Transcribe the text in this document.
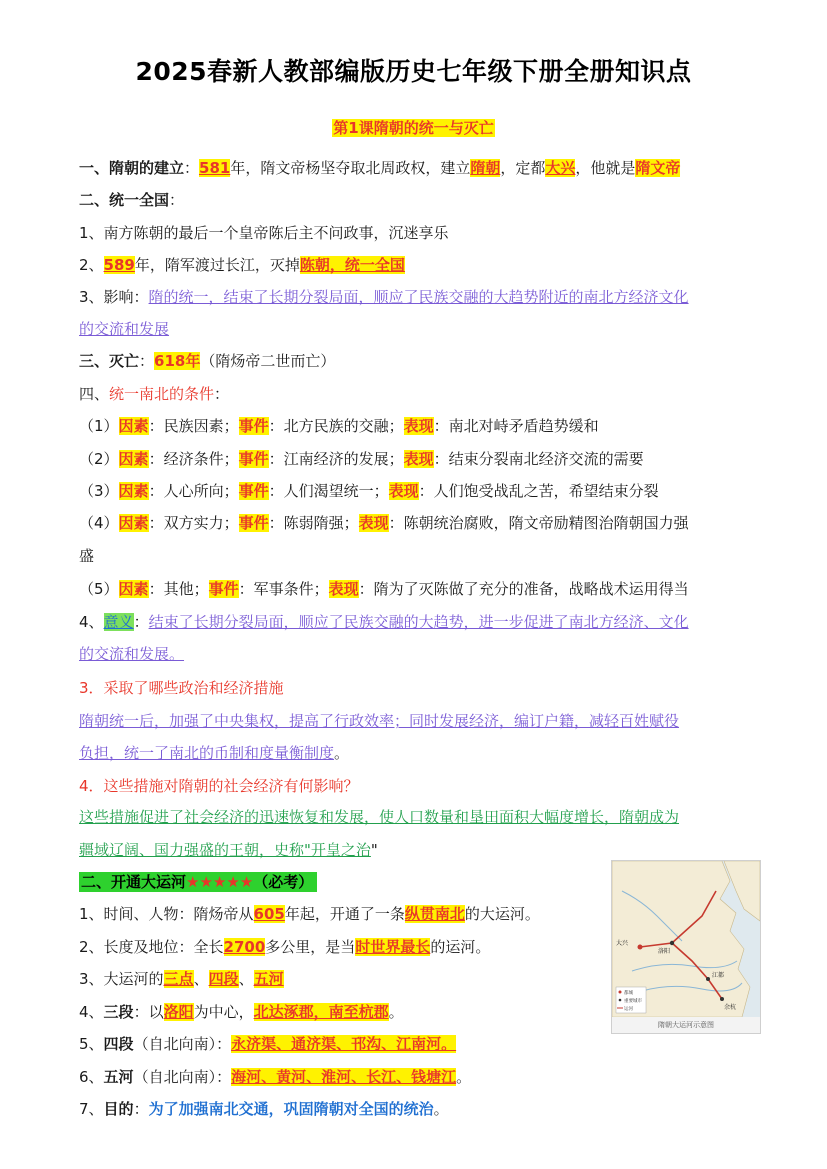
2025春新人教部编版历史七年级下册全册知识点
第1课隋朝的统一与灭亡
一、隋朝的建立：581年，隋文帝杨坚夺取北周政权，建立隋朝，定都大兴，他就是隋文帝
二、统一全国：
1、南方陈朝的最后一个皇帝陈后主不问政事，沉迷享乐
2、589年，隋军渡过长江，灭掉陈朝，统一全国
3、影响：隋的统一，结束了长期分裂局面，顺应了民族交融的大趋势附近的南北方经济文化
的交流和发展
三、灭亡：618年（隋炀帝二世而亡）
四、统一南北的条件：
（1）因素：民族因素；事件：北方民族的交融；表现：南北对峙矛盾趋势缓和
（2）因素：经济条件；事件：江南经济的发展；表现：结束分裂南北经济交流的需要
（3）因素：人心所向；事件：人们渴望统一；表现：人们饱受战乱之苦，希望结束分裂
（4）因素：双方实力；事件：陈弱隋强；表现：陈朝统治腐败，隋文帝励精图治隋朝国力强
盛
（5）因素：其他；事件：军事条件；表现：隋为了灭陈做了充分的准备，战略战术运用得当
4、意义：结束了长期分裂局面，顺应了民族交融的大趋势，进一步促进了南北方经济、文化
的交流和发展。
3．采取了哪些政治和经济措施
隋朝统一后，加强了中央集权，提高了行政效率；同时发展经济，编订户籍，减轻百姓赋役
负担，统一了南北的币制和度量衡制度。
4．这些措施对隋朝的社会经济有何影响？
这些措施促进了社会经济的迅速恢复和发展，使人口数量和垦田面积大幅度增长，隋朝成为
疆域辽阔、国力强盛的王朝，史称"开皇之治"
二、开通大运河★★★★★（必考）
1、时间、人物：隋炀帝从605年起，开通了一条纵贯南北的大运河。
2、长度及地位：全长2700多公里，是当时世界最长的运河。
3、大运河的三点、四段、五河
4、三段：以洛阳为中心，北达涿郡，南至杭郡。
5、四段（自北向南）：永济渠、通济渠、邗沟、江南河。
6、五河（自北向南）：海河、黄河、淮河、长江、钱塘江。
7、目的：为了加强南北交通，巩固隋朝对全国的统治。
大兴
洛阳
江都
余杭
都城
重要城市
运河
隋朝大运河示意图
